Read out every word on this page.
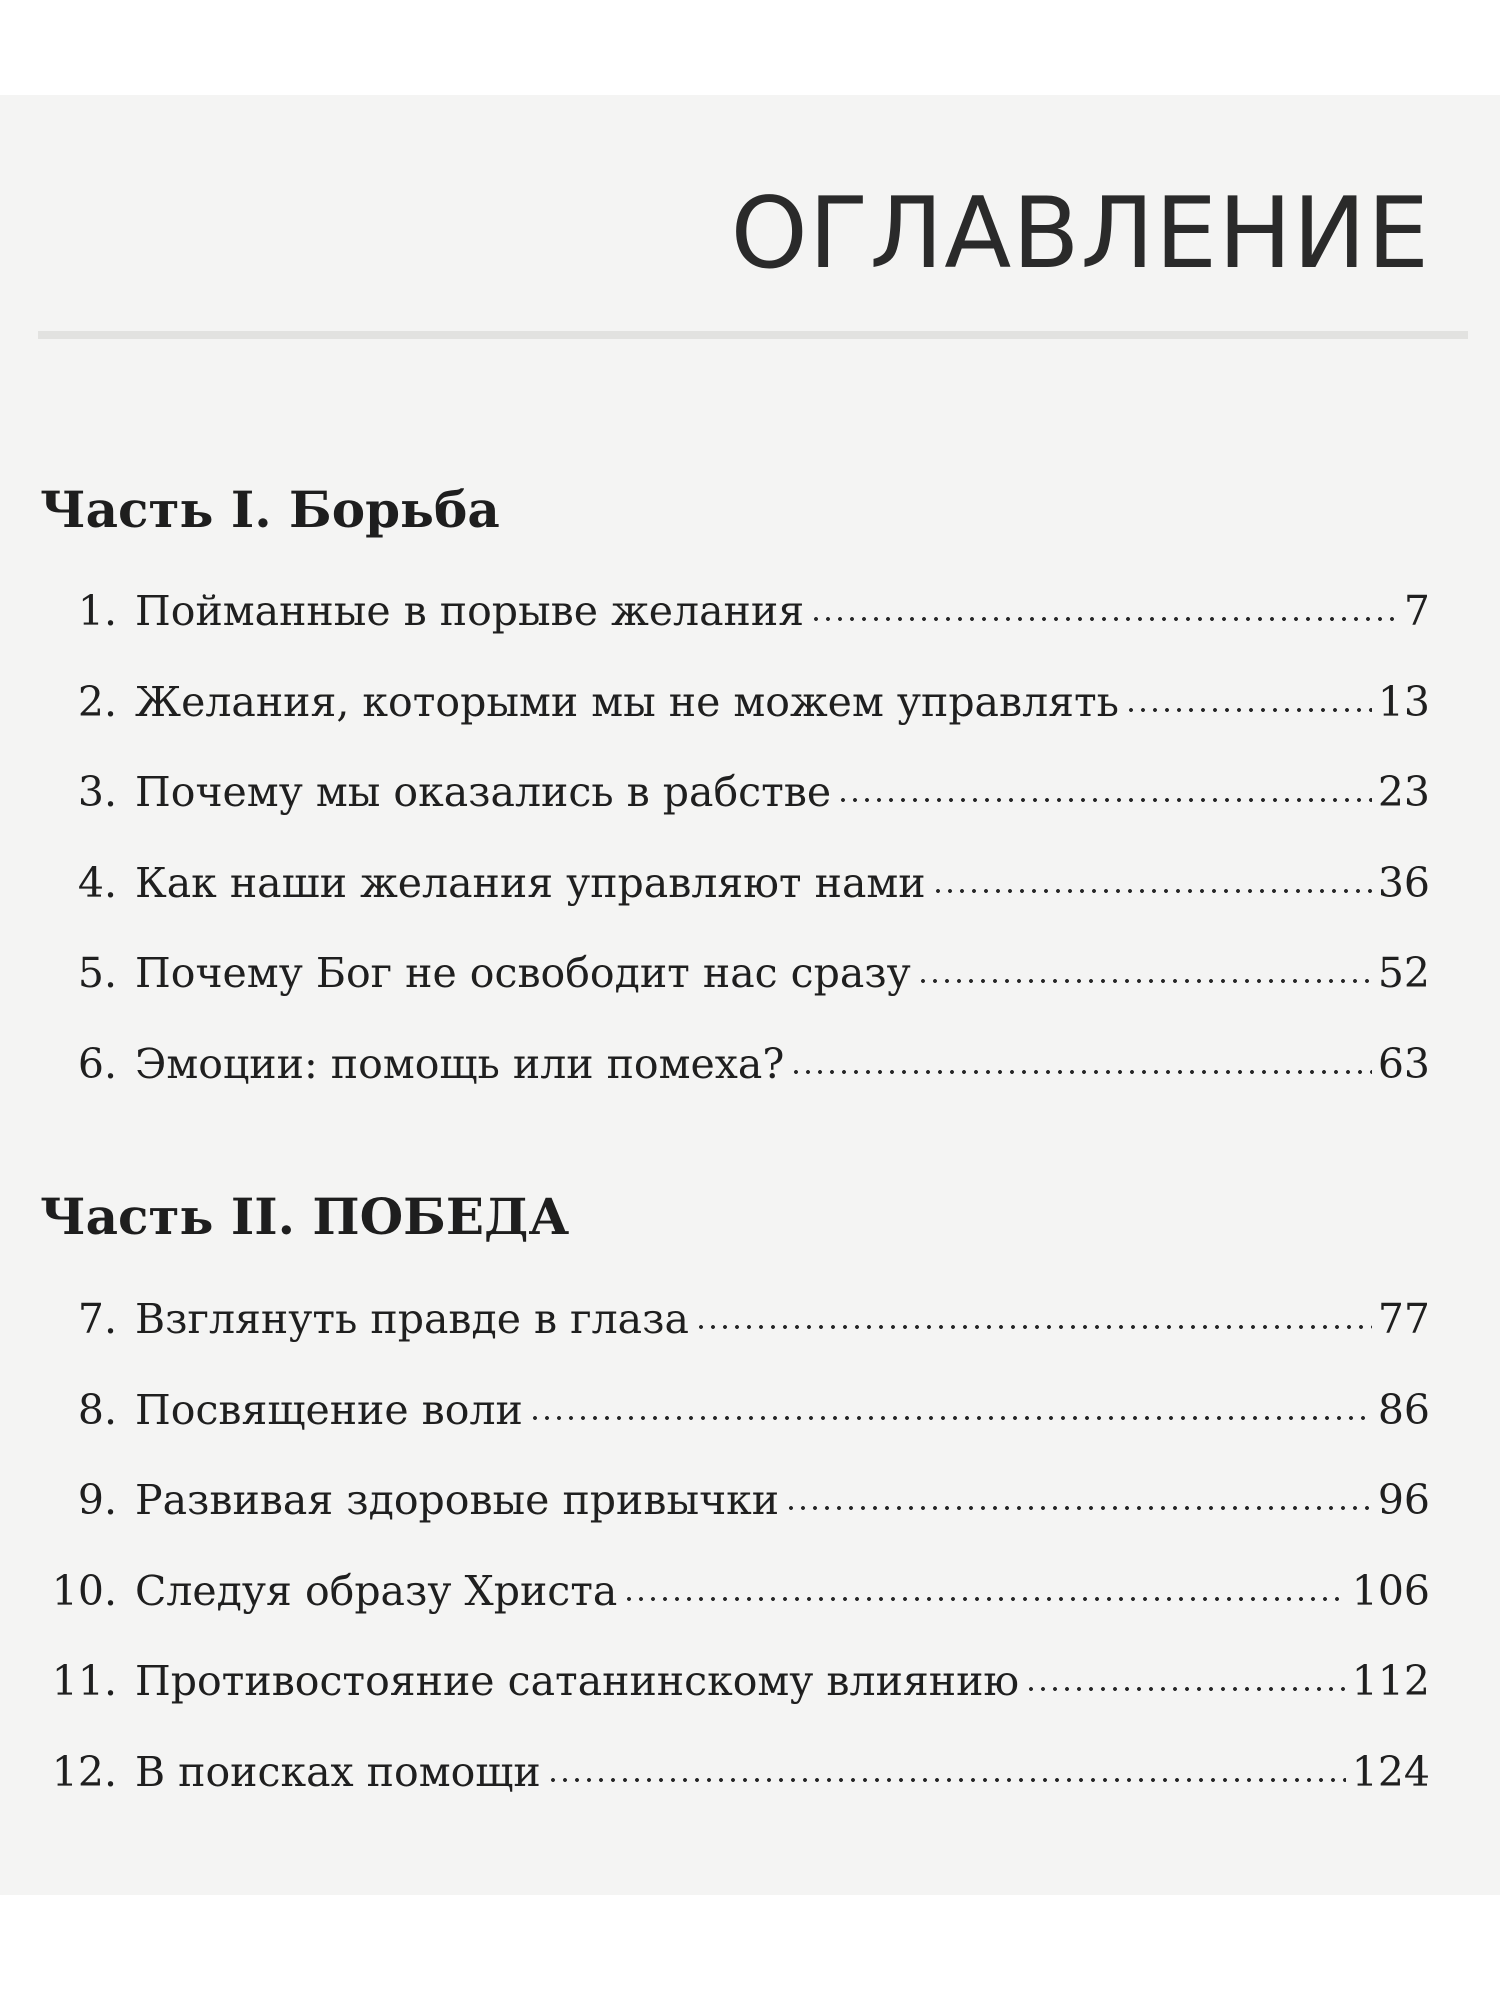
ОГЛАВЛЕНИЕ
Часть I. Борьба
1. Пойманные в порыве желания	7
2. Желания, которыми мы не можем управлять	13
3. Почему мы оказались в рабстве	23
4. Как наши желания управляют нами	36
5. Почему Бог не освободит нас сразу	52
6. Эмоции: помощь или помеха?	63
Часть II. ПОБЕДА
7. Взглянуть правде в глаза	77
8. Посвящение воли	86
9. Развивая здоровые привычки	96
10. Следуя образу Христа	106
11. Противостояние сатанинскому влиянию	112
12. В поисках помощи	124
